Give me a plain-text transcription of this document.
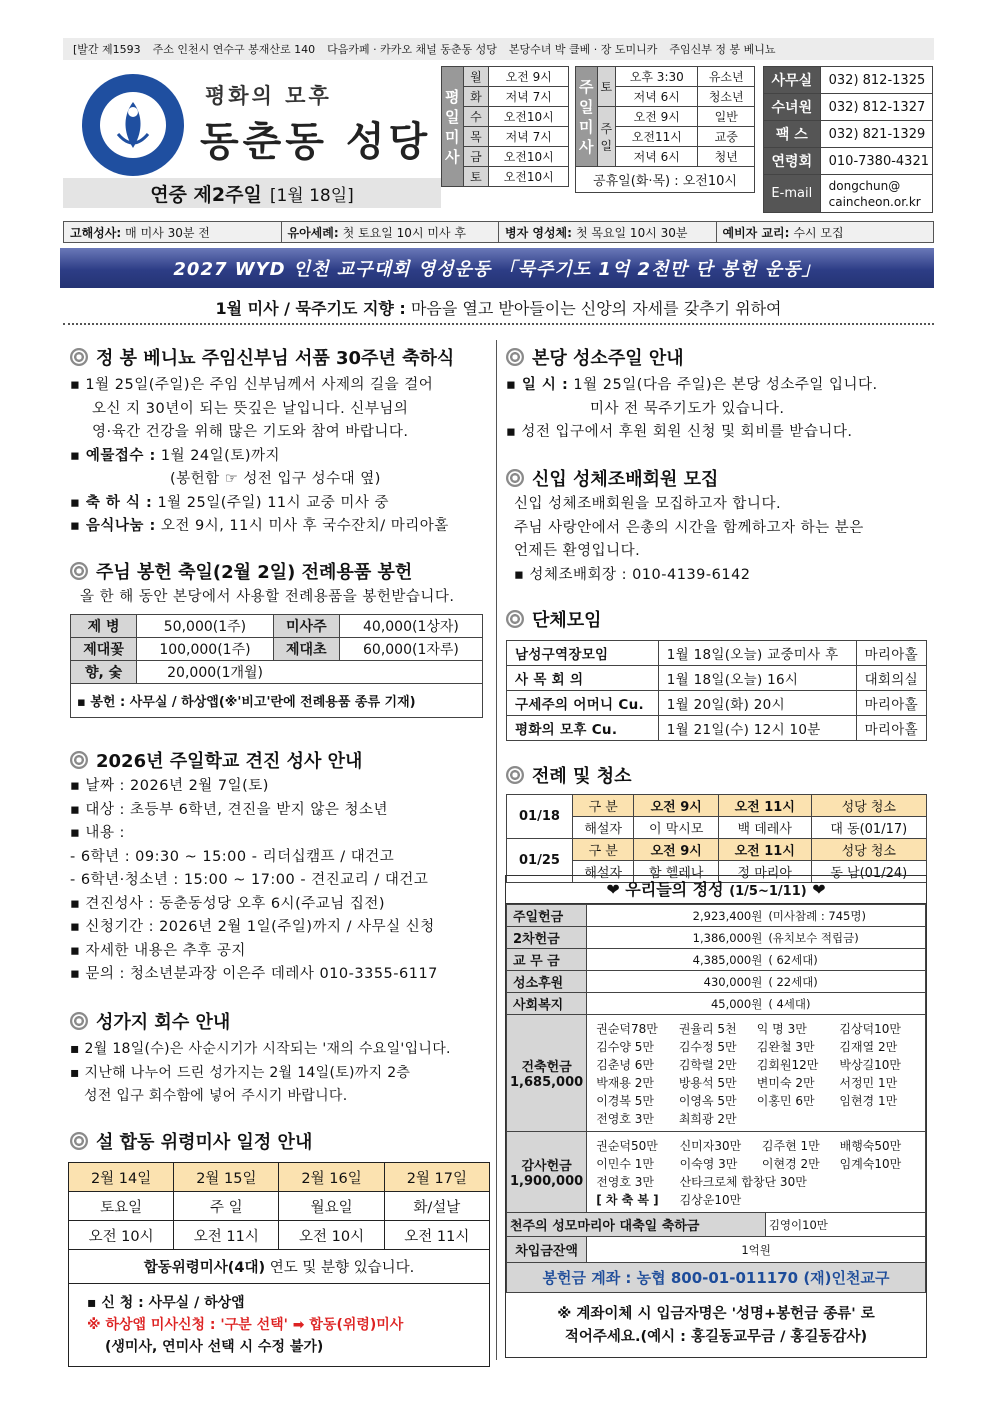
[발간 제1593 주소 인천시 연수구 봉재산로 140 다음카페 · 카카오 채널 동춘동 성당 본당수녀 박 클베 · 장 도미니카 주임신부 정 봉 베니뇨
평화의 모후
동춘동 성당
연중 제2주일 [1월 18일]
평일미사	월	오전 9시
	화	저녁 7시
	수	오전10시
	목	저녁 7시
	금	오전10시
	토	오전10시
주일미사	토	오후 3:30	유소년
		저녁 6시	청소년
	주일	오전 9시	일반
		오전11시	교중
		저녁 6시	청년
공휴일(화·목) : 오전10시			
사무실	032) 812-1325
수녀원	032) 812-1327
팩 스	032) 821-1329
연령회	010-7380-4321
E-mail	dongchun@
caincheon.or.kr
고해성사: 매 미사 30분 전	유아세례: 첫 토요일 10시 미사 후	병자 영성체: 첫 목요일 10시 30분	예비자 교리: 수시 모집
2027 WYD 인천 교구대회 영성운동 「묵주기도 1억 2천만 단 봉헌 운동」
1월 미사 / 묵주기도 지향 : 마음을 열고 받아들이는 신앙의 자세를 갖추기 위하여
정 봉 베니뇨 주임신부님 서품 30주년 축하식
▪ 1월 25일(주일)은 주임 신부님께서 사제의 길을 걸어
오신 지 30년이 되는 뜻깊은 날입니다. 신부님의
영·육간 건강을 위해 많은 기도와 참여 바랍니다.
▪ 예물접수 : 1월 24일(토)까지
(봉헌함 ☞ 성전 입구 성수대 옆)
▪ 축 하 식 : 1월 25일(주일) 11시 교중 미사 중
▪ 음식나눔 : 오전 9시, 11시 미사 후 국수잔치/ 마리아홀
주님 봉헌 축일(2월 2일) 전례용품 봉헌
올 한 해 동안 본당에서 사용할 전례용품을 봉헌받습니다.
제 병	50,000(1주)	미사주	40,000(1상자)
제대꽃	100,000(1주)	제대초	60,000(1자루)
향, 숯	20,000(1개월)		
▪ 봉헌 : 사무실 / 하상앱(※'비고'란에 전례용품 종류 기재)			
2026년 주일학교 견진 성사 안내
▪ 날짜 : 2026년 2월 7일(토)
▪ 대상 : 초등부 6학년, 견진을 받지 않은 청소년
▪ 내용 :
- 6학년 : 09:30 ~ 15:00 - 리더십캠프 / 대건고
- 6학년·청소년 : 15:00 ~ 17:00 - 견진교리 / 대건고
▪ 견진성사 : 동춘동성당 오후 6시(주교님 집전)
▪ 신청기간 : 2026년 2월 1일(주일)까지 / 사무실 신청
▪ 자세한 내용은 추후 공지
▪ 문의 : 청소년분과장 이은주 데레사 010-3355-6117
성가지 회수 안내
▪ 2월 18일(수)은 사순시기가 시작되는 '재의 수요일'입니다.
▪ 지난해 나누어 드린 성가지는 2월 14일(토)까지 2층
성전 입구 회수함에 넣어 주시기 바랍니다.
설 합동 위령미사 일정 안내
2월 14일	2월 15일	2월 16일	2월 17일
토요일	주 일	월요일	화/설날
오전 10시	오전 11시	오전 10시	오전 11시
합동위령미사(4대) 연도 및 분향 있습니다.			

▪ 신 청 : 사무실 / 하상앱
※ 하상앱 미사신청 : '구분 선택' ➡ 합동(위령)미사
(생미사, 연미사 선택 시 수정 불가)			
본당 성소주일 안내
▪ 일 시 : 1월 25일(다음 주일)은 본당 성소주일 입니다.
미사 전 묵주기도가 있습니다.
▪ 성전 입구에서 후원 회원 신청 및 회비를 받습니다.
신입 성체조배회원 모집
신입 성체조배회원을 모집하고자 합니다.
주님 사랑안에서 은총의 시간을 함께하고자 하는 분은
언제든 환영입니다.
▪ 성체조배회장 : 010-4139-6142
단체모임
남성구역장모임	1월 18일(오늘) 교중미사 후	마리아홀
사 목 회 의	1월 18일(오늘) 16시	대회의실
구세주의 어머니 Cu.	1월 20일(화) 20시	마리아홀
평화의 모후 Cu.	1월 21일(수) 12시 10분	마리아홀
전례 및 청소
01/18	구 분	오전 9시	오전 11시	성당 청소
	해설자	이 막시모	백 데레사	대 동(01/17)
01/25	구 분	오전 9시	오전 11시	성당 청소
	해설자	함 헬레나	정 마리아	동 남(01/24)
❤ 우리들의 정성 (1/5~1/11) ❤
주일헌금	2,923,400원	(미사참례 : 745명)
2차헌금	1,386,000원	(유치보수 적립금)
교 무 금	4,385,000원	( 62세대)
성소후원	430,000원	( 22세대)
사회복지	45,000원	( 4세대)

건축헌금
1,685,000

권순덕78만	권율리 5천	익 명 3만	김상덕10만
김수양 5만	김수정 5만	김완철 3만	김재열 2만
김춘녕 6만	김학렬 2만	김회원12만	박상길10만
박재용 2만	방용석 5만	변미숙 2만	서정민 1만
이경복 5만	이영옥 5만	이홍민 6만	임현경 1만
전영호 3만	최희광 2만		

감사헌금
1,900,000

권순덕50만	신미자30만	김주현 1만	배행숙50만
이민수 1만	이숙영 3만	이현경 2만	임계숙10만
전영호 3만	산타크로체 합창단 30만
[ 차 축 복 ]	김상운10만

천주의 성모마리아 대축일 축하금	김영이10만
차입금잔액	1억원
봉헌금 계좌 : 농협 800-01-011170 (재)인천교구
※ 계좌이체 시 입금자명은 '성명+봉헌금 종류' 로
적어주세요.(예시 : 홍길동교무금 / 홍길동감사)
